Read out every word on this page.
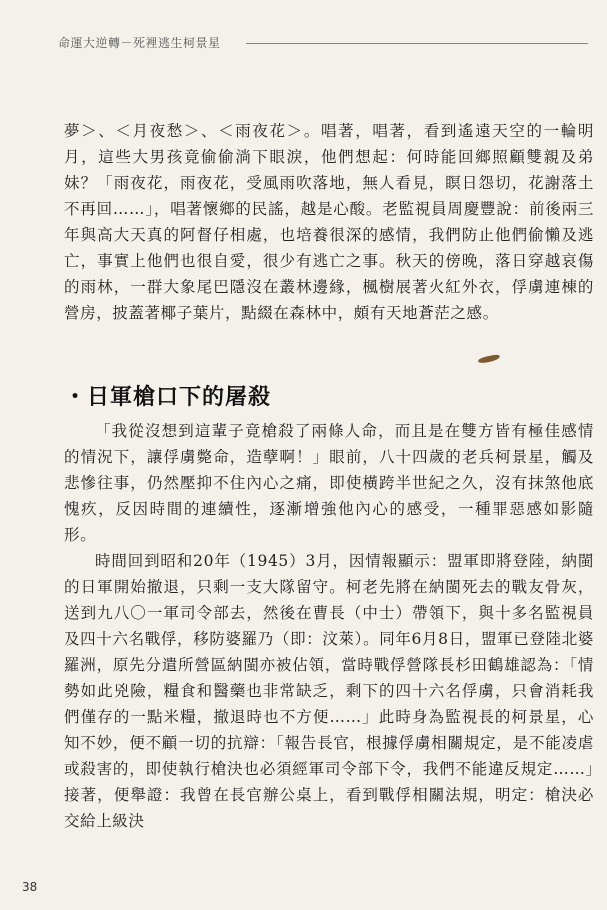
命運大逆轉－死裡逃生柯景星
夢＞、＜月夜愁＞、＜雨夜花＞。唱著，唱著，看到遙遠天空的一輪明月，這些大男孩竟偷偷淌下眼淚，他們想起：何時能回鄉照顧雙親及弟妹？「雨夜花，雨夜花，受風雨吹落地，無人看見，瞑日怨切，花謝落土不再回……」，唱著懷鄉的民謠，越是心酸。老監視員周慶豐說：前後兩三年與高大天真的阿督仔相處，也培養很深的感情，我們防止他們偷懶及逃亡，事實上他們也很自愛，很少有逃亡之事。秋天的傍晚，落日穿越哀傷的雨林，一群大象尾巴隱沒在叢林邊緣，楓樹展著火紅外衣，俘虜連棟的營房，披蓋著椰子葉片，點綴在森林中，頗有天地蒼茫之感。
・日軍槍口下的屠殺
「我從沒想到這輩子竟槍殺了兩條人命，而且是在雙方皆有極佳感情的情況下，讓俘虜斃命，造孽啊！」眼前，八十四歲的老兵柯景星，觸及悲慘往事，仍然壓抑不住內心之痛，即使橫跨半世紀之久，沒有抹煞他底愧疚，反因時間的連續性，逐漸增強他內心的感受，一種罪惡感如影隨形。
時間回到昭和20年（1945）3月，因情報顯示：盟軍即將登陸，納閩的日軍開始撤退，只剩一支大隊留守。柯老先將在納閩死去的戰友骨灰，送到九八〇一軍司令部去，然後在曹長（中士）帶領下，與十多名監視員及四十六名戰俘，移防婆羅乃（即：汶萊）。同年6月8日，盟軍已登陸北婆羅洲，原先分遣所營區納閩亦被佔領，當時戰俘營隊長杉田鶴雄認為：「情勢如此兇險，糧食和醫藥也非常缺乏，剩下的四十六名俘虜，只會消耗我們僅存的一點米糧，撤退時也不方便……」此時身為監視長的柯景星，心知不妙，便不顧一切的抗辯：「報告長官，根據俘虜相關規定，是不能凌虐或殺害的，即使執行槍決也必須經軍司令部下令，我們不能違反規定……」接著，便舉證：我曾在長官辦公桌上，看到戰俘相關法規，明定：槍決必交給上級決
38
